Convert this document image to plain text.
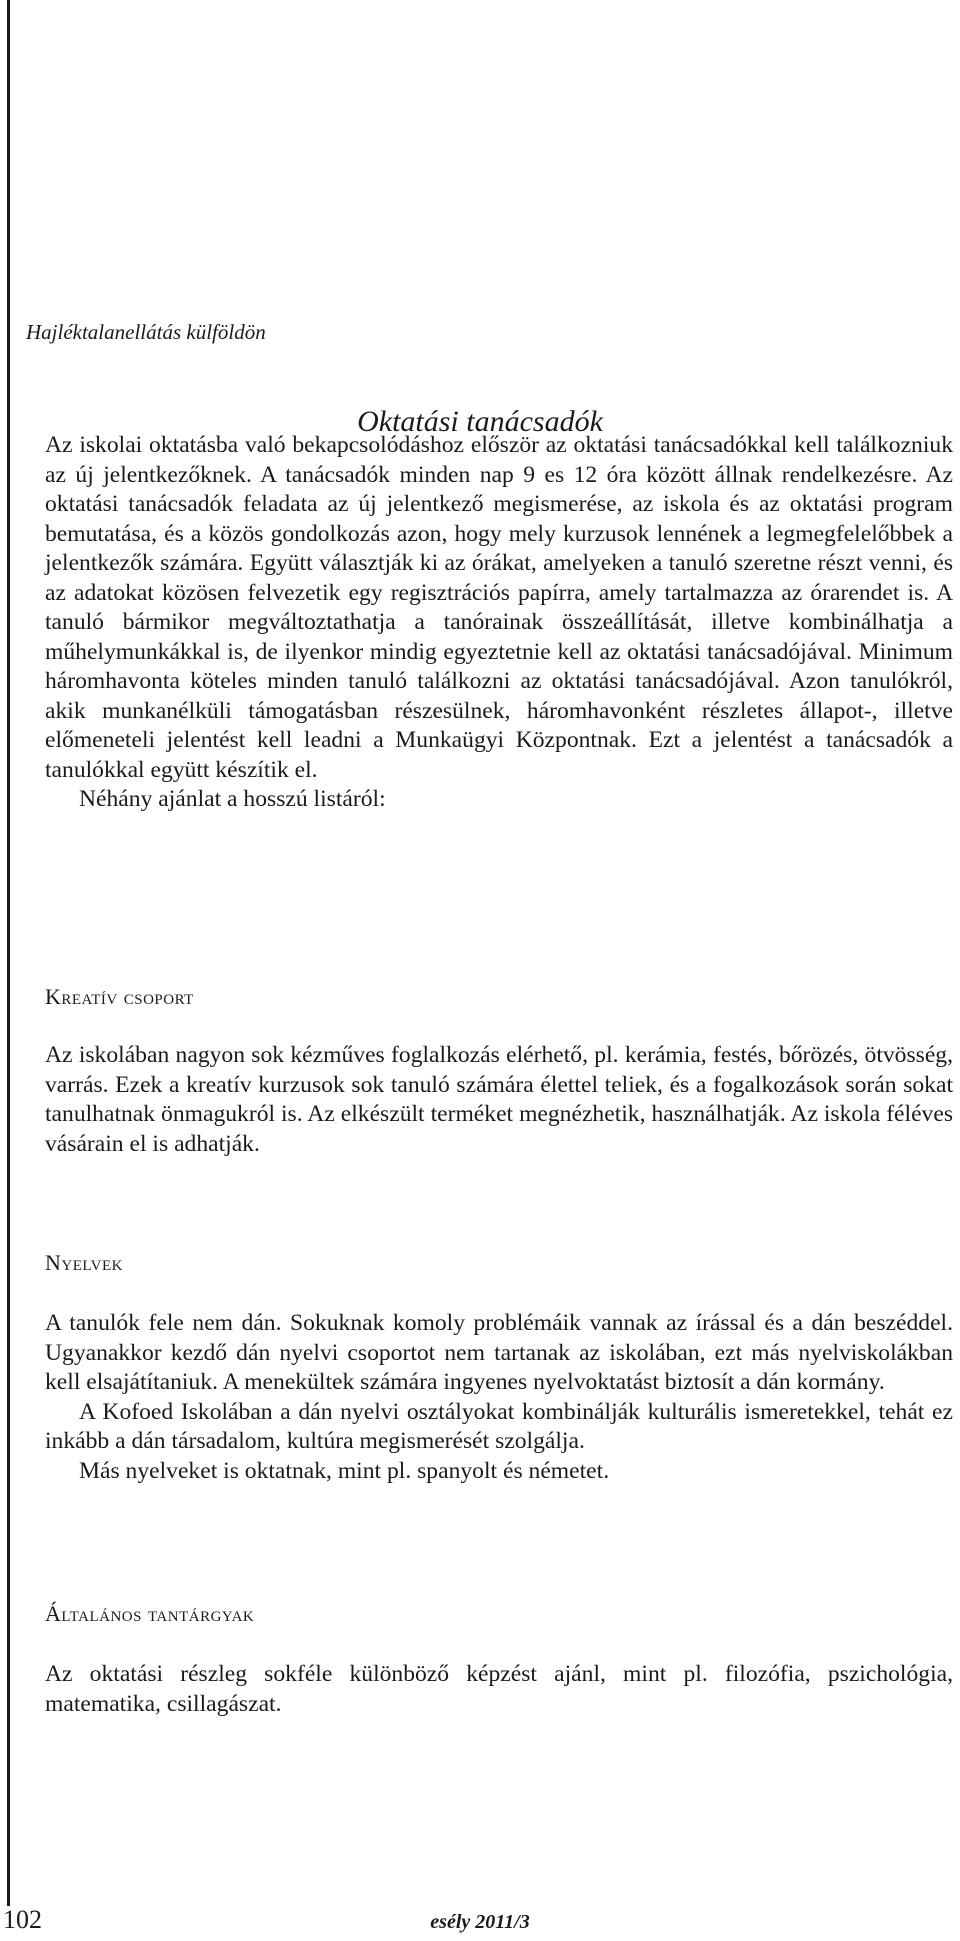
Hajléktalanellátás külföldön
Oktatási tanácsadók

Az iskolai oktatásba való bekapcsolódáshoz először az oktatási tanácsadókkal kell találkozniuk az új jelentkezőknek. A tanácsadók minden nap 9 es 12 óra között állnak rendelkezésre. Az oktatási tanácsadók feladata az új jelentkező megismerése, az iskola és az oktatási program bemutatása, és a közös gondolkozás azon, hogy mely kurzusok lennének a legmegfelelőbbek a jelentkezők számára. Együtt választják ki az órákat, amelyeken a tanuló szeretne részt venni, és az adatokat közösen felvezetik egy regisztrációs papírra, amely tartalmazza az órarendet is. A tanuló bármikor megváltoztathatja a tanórainak összeállítását, illetve kombinálhatja a műhelymunkákkal is, de ilyenkor mindig egyeztetnie kell az oktatási tanácsadójával. Minimum háromhavonta köteles minden tanuló találkozni az oktatási tanácsadójával. Azon tanulókról, akik munkanélküli támogatásban részesülnek, háromhavonként részletes állapot-, illetve előmeneteli jelentést kell leadni a Munkaügyi Központnak. Ezt a jelentést a tanácsadók a tanulókkal együtt készítik el.

Néhány ajánlat a hosszú listáról:

Kreatív csoport

Az iskolában nagyon sok kézműves foglalkozás elérhető, pl. kerámia, festés, bőrözés, ötvösség, varrás. Ezek a kreatív kurzusok sok tanuló számára élettel teliek, és a fogalkozások során sokat tanulhatnak önmagukról is. Az elkészült terméket megnézhetik, használhatják. Az iskola féléves vásárain el is adhatják.

Nyelvek

A tanulók fele nem dán. Sokuknak komoly problémáik vannak az írással és a dán beszéddel. Ugyanakkor kezdő dán nyelvi csoportot nem tartanak az iskolában, ezt más nyelviskolákban kell elsajátítaniuk. A menekültek számára ingyenes nyelvoktatást biztosít a dán kormány.

A Kofoed Iskolában a dán nyelvi osztályokat kombinálják kulturális ismeretekkel, tehát ez inkább a dán társadalom, kultúra megismerését szolgálja.

Más nyelveket is oktatnak, mint pl. spanyolt és németet.

Általános tantárgyak

Az oktatási részleg sokféle különböző képzést ajánl, mint pl. filozófia, pszichológia, matematika, csillagászat.

102	esély 2011/3
